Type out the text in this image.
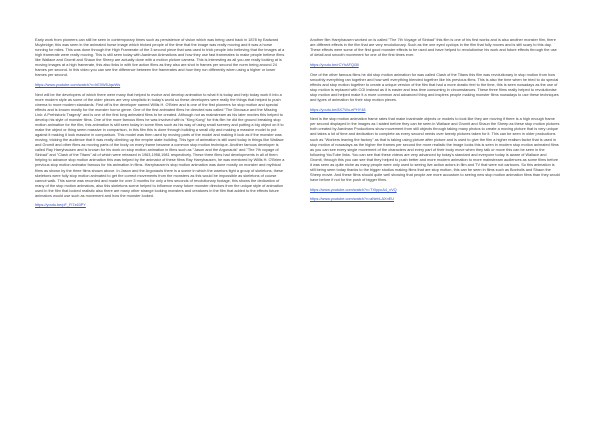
Early work from pioneers can still be seen in contemporary times such as persistence of vision which was being used back in 1878 by Eadward Muybridge; this was seen in the animated horse image which tricked people of the time that the image was really moving and it was a horse running for miles. This was done through the High Framerate of the 3 second piece that was used to trick people into believing that the images at a high framerate were really moving. This is still seen today with Aardman Animations and how they use fast framerates to make people believe films like Wallace and Gromit and Shaun the Sheep are actually done with a motion picture camera. This is interesting as all you are really looking at is moving images at a high framerate, this also links in with live action films as they also are shot in frames per second the norm being around 24 frames per second. In this video you can see the difference between the framerates and how they run differently when using a higher or lower frames per second.

https://www.youtube.com/watch?v=hE0W5JqwWs

Next will be the developers of which there were many that helped to evolve and develop animation to what it is today and help today work it into a more modern style as some of the older pieces are very simplistic in today's world so these developers were really the things that helped to push cinema to more modern standards. First off is the developer named Willis H. O'Brien and is one of the first pioneers for stop motion and special effects and is known mostly for the monster horror genre. One of the first animated films he directed was called "The Dinosaur and the Missing Link: A Prehistoric Tragedy" and is one of the first long animated films to be created. Although not as mainstream as his later movies this helped to develop his style of monster films. One of the more famous films he was involved with is "King Kong" for this film he did the ground breaking stop motion animation for the film, this animation is still seen today in some films such as his way of using small scenery and putting a big object on it to make the object or thing seem massive in comparison, in this film this is done through building a small city and making a massive model to put against it making it look massive in comparison. This model was then used by moving parts of the model and making it look as if the monster was moving, tricking the audience that it was really climbing up the empire state building. This type of animation is still used today in things like Wallace and Gromit and other films as moving parts of the body on every frame became a common stop motion technique. Another famous developer is called Ray Harryhausen and is known for his work on stop motion animation in films such as "Jason and the Argonauts" and "The 7th voyage of Sinbad" and "Clash of the Titans" all of which were released in 1963,1958,1981 respectively. These three films had developments in all of them helping to advance stop motion animation this was helped by the animator of these films Ray Harryhausen, he was mentored by Willis H. O'Brien a previous stop motion animator famous for his animation in films. Harryhausen's stop motion animation was done mostly on monster and mythical films as shown by the three films shown above. In Jason and the Argonauts there is a scene in which the warriors fight a group of skeletons, these skeletons were fully stop motion animated to get the correct movements from the monsters as this would be impossible as skeletons of course cannot walk. This scene was recorded and made for over 3 months for only a few seconds of revolutionary footage, this shows the dedication of many of the stop motion animators, also this skeletons scene helped to influence many future monster directors from the unique style of animation used in the film that looked realistic also there are many other strange looking monsters and creatures in the film that added to the effects future animators would use such as movement and how the monster looked.

https://youtu.be/pF_FI7z63PY

Another film Harryhausen worked on is called "The 7th Voyage of Sinbad" this film is one of his first works and is also another monster film, there are different effects in the film that are very revolutionary. Such as the one eyed cyclops in the film that fully moves and is still scary to this day. These effects were some of the first good monster effects to be used and have helped to revolutionise his work and future effects through the use of detail and smooth movement for one of the first times ever.

https://youtu.be/rCYhAFQi3ll

One of the other famous films he did stop motion animation for was called Clash of the Titans this film was revolutionary in stop motion from how smoothly everything ran together and how well everything blended together like his previous films. This is also the time when he tried to do special effects and stop motion together to create a unique version of the film that had a more drastic feel to the time, this is seen nowadays as the use of stop motion is replaced with CGI instead as it is easier and less time consuming in circumstances. These three films really helped to revolutionise stop motion and helped make it a more common and advanced thing and inspires people making monster films nowadays to use these techniques and types of animation for their stop motion pieces.

https://youtu.be/8X7Wu-ePHY48

Next is the stop motion animation frame rates that make inanimate objects or models to look like they are moving if there is a high enough frame per second displayed in the images as I stated before they can be seen in Wallace and Gromit and Shaun the Sheep as these stop motion pictures both created by Aardman Productions show movement from still objects through taking many photos to create a moving picture that is very unique and takes a lot of time and dedication to complete as every second needs over twenty pictures taken for it. This can be seen in older productions such as "Workers leaving the factory" as that is taking using picture after picture and is used to give the film a higher realism factor that is used in stop motion of nowadays as the higher the frames per second the more realistic the image looks this is seen in modern stop motion animated films as you can see every single movement of the characters and every part of their body move when they talk or move this can be seen in the following YouTube links. You can see that these videos are very advanced by today's standard and everyone today is aware of Wallace and Gromit, through this you can see that they helped to push better and more modern animation to more mainstream audiences as some films before it was seen as quite niche as many people were only used to seeing live action actors in film and TV that were not cartoons. So this animation is still being seen today thanks to the bigger studios making films that are stop motion, this can be seen in films such as Boxtrolls and Shaun the Sheep movie. And these films should quite well showing that people are more accustom to seeing new stop motion animation films than they would have before if not for the push of bigger films.

https://www.youtube.com/watch?v=TXIppcA4_xVQ
https://www.youtube.com/watch?v=aNehLAXnEU
